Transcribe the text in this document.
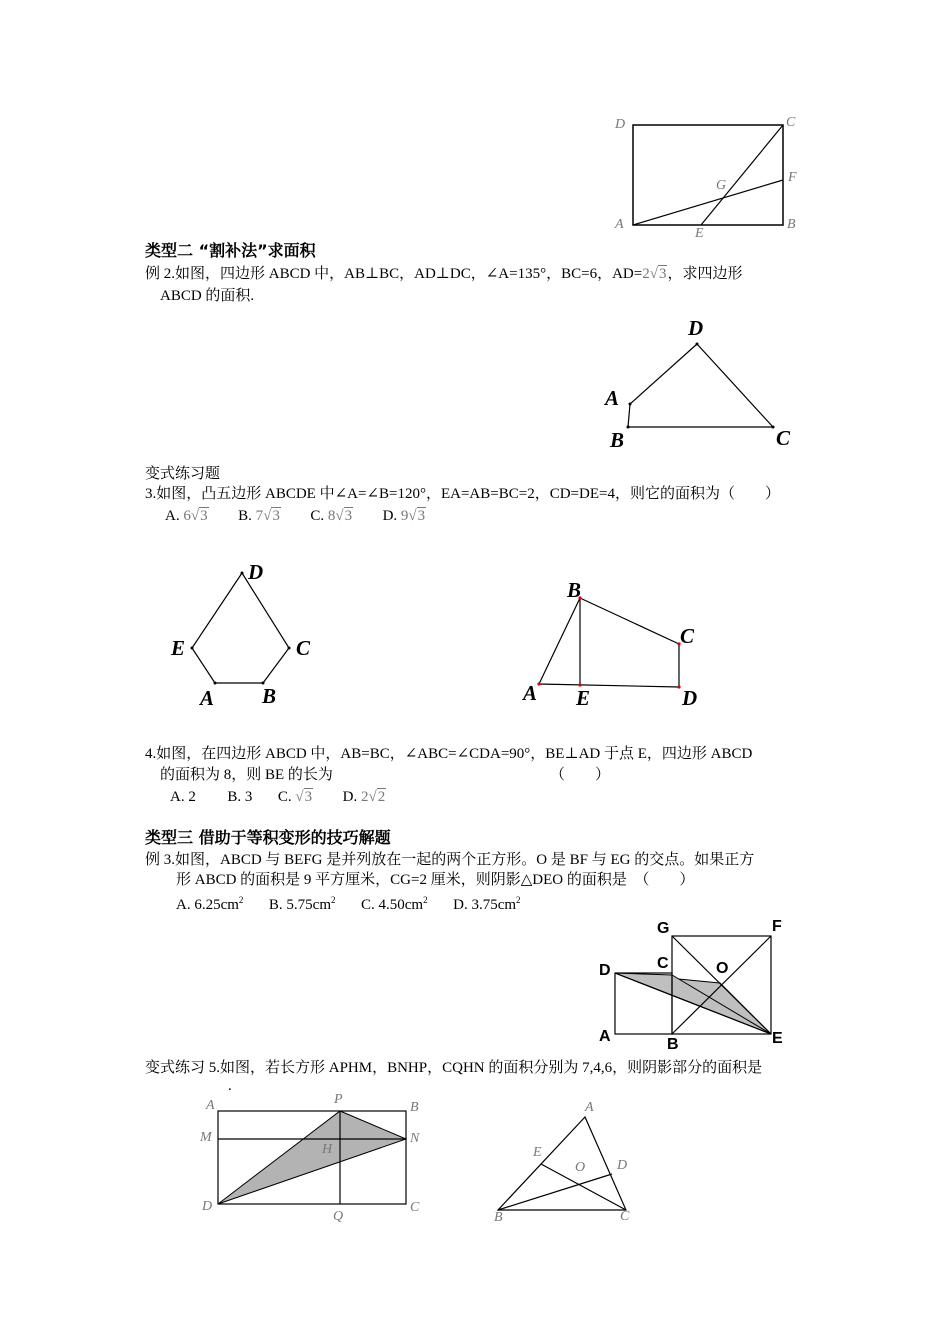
D	C
F
G
A	B
E
类型二 “割补法”求面积
例 2.如图，四边形 ABCD 中，AB⊥BC，AD⊥DC，∠A=135°，BC=6，AD=2√3，求四边形
ABCD 的面积.
D
A
B	C
变式练习题
3.如图，凸五边形 ABCDE 中∠A=∠B=120°，EA=AB=BC=2，CD=DE=4，则它的面积为（　　）
A. 6√3 B. 7√3 C. 8√3 D. 9√3
D
E	C
A B
B
C
A E	D
4.如图，在四边形 ABCD 中，AB=BC，∠ABC=∠CDA=90°，BE⊥AD 于点 E，四边形 ABCD
的面积为 8，则 BE 的长为	（　　）
A. 2 B. 3 C. √3 D. 2√2
类型三 借助于等积变形的技巧解题
例 3.如图，ABCD 与 BEFG 是并列放在一起的两个正方形。O 是 BF 与 EG 的交点。如果正方
形 ABCD 的面积是 9 平方厘米，CG=2 厘米，则阴影△DEO 的面积是　（　　）
A. $6.25cm^2$ B. $5.75cm^2$ C. $4.50cm^2$ D. $3.75cm^2$
G	F
D	C	O
A	B	E
变式练习 5.如图，若长方形 APHM，BNHP，CQHN 的面积分别为 7,4,6，则阴影部分的面积是
.
A	P
B
M	N
H
D
Q
C
A
E
O D
B	C
